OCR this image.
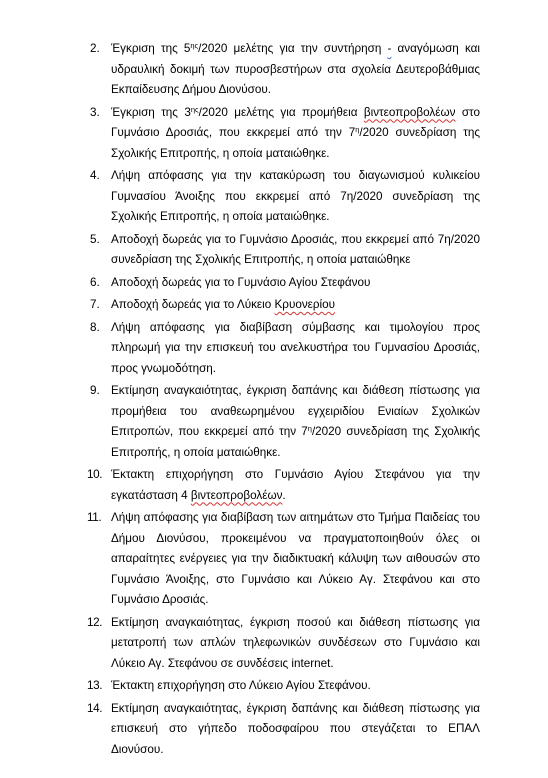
2. Έγκριση της $5^{\eta\varsigma}/2020$ μελέτης για την συντήρηση - αναγόμωση και υδραυλική δοκιμή των πυροσβεστήρων στα σχολεία Δευτεροβάθμιας Εκπαίδευσης Δήμου Διονύσου.
3. Έγκριση της $3^{\eta\varsigma}/2020$ μελέτης για προμήθεια βιντεοπροβολέων στο Γυμνάσιο Δροσιάς, που εκκρεμεί από την $7^\eta/2020$ συνεδρίαση της Σχολικής Επιτροπής, η οποία ματαιώθηκε.
4. Λήψη απόφασης για την κατακύρωση του διαγωνισμού κυλικείου Γυμνασίου Άνοιξης που εκκρεμεί από 7η/2020 συνεδρίαση της Σχολικής Επιτροπής, η οποία ματαιώθηκε.
5. Αποδοχή δωρεάς για το Γυμνάσιο Δροσιάς, που εκκρεμεί από 7η/2020 συνεδρίαση της Σχολικής Επιτροπής, η οποία ματαιώθηκε
6. Αποδοχή δωρεάς για το Γυμνάσιο Αγίου Στεφάνου
7. Αποδοχή δωρεάς για το Λύκειο Κρυονερίου
8. Λήψη απόφασης για διαβίβαση σύμβασης και τιμολογίου προς πληρωμή για την επισκευή του ανελκυστήρα του Γυμνασίου Δροσιάς, προς γνωμοδότηση.
9. Εκτίμηση αναγκαιότητας, έγκριση δαπάνης και διάθεση πίστωσης για προμήθεια του αναθεωρημένου εγχειριδίου Ενιαίων Σχολικών Επιτροπών, που εκκρεμεί από την $7^\eta/2020$ συνεδρίαση της Σχολικής Επιτροπής, η οποία ματαιώθηκε.
10. Έκτακτη επιχορήγηση στο Γυμνάσιο Αγίου Στεφάνου για την εγκατάσταση 4 βιντεοπροβολέων.
11. Λήψη απόφασης για διαβίβαση των αιτημάτων στο Τμήμα Παιδείας του Δήμου Διονύσου, προκειμένου να πραγματοποιηθούν όλες οι απαραίτητες ενέργειες για την διαδικτυακή κάλυψη των αιθουσών στο Γυμνάσιο Άνοιξης, στο Γυμνάσιο και Λύκειο Αγ. Στεφάνου και στο Γυμνάσιο Δροσιάς.
12. Εκτίμηση αναγκαιότητας, έγκριση ποσού και διάθεση πίστωσης για μετατροπή των απλών τηλεφωνικών συνδέσεων στο Γυμνάσιο και Λύκειο Αγ. Στεφάνου σε συνδέσεις internet.
13. Έκτακτη επιχορήγηση στο Λύκειο Αγίου Στεφάνου.
14. Εκτίμηση αναγκαιότητας, έγκριση δαπάνης και διάθεση πίστωσης για επισκευή στο γήπεδο ποδοσφαίρου που στεγάζεται το ΕΠΑΛ Διονύσου.
